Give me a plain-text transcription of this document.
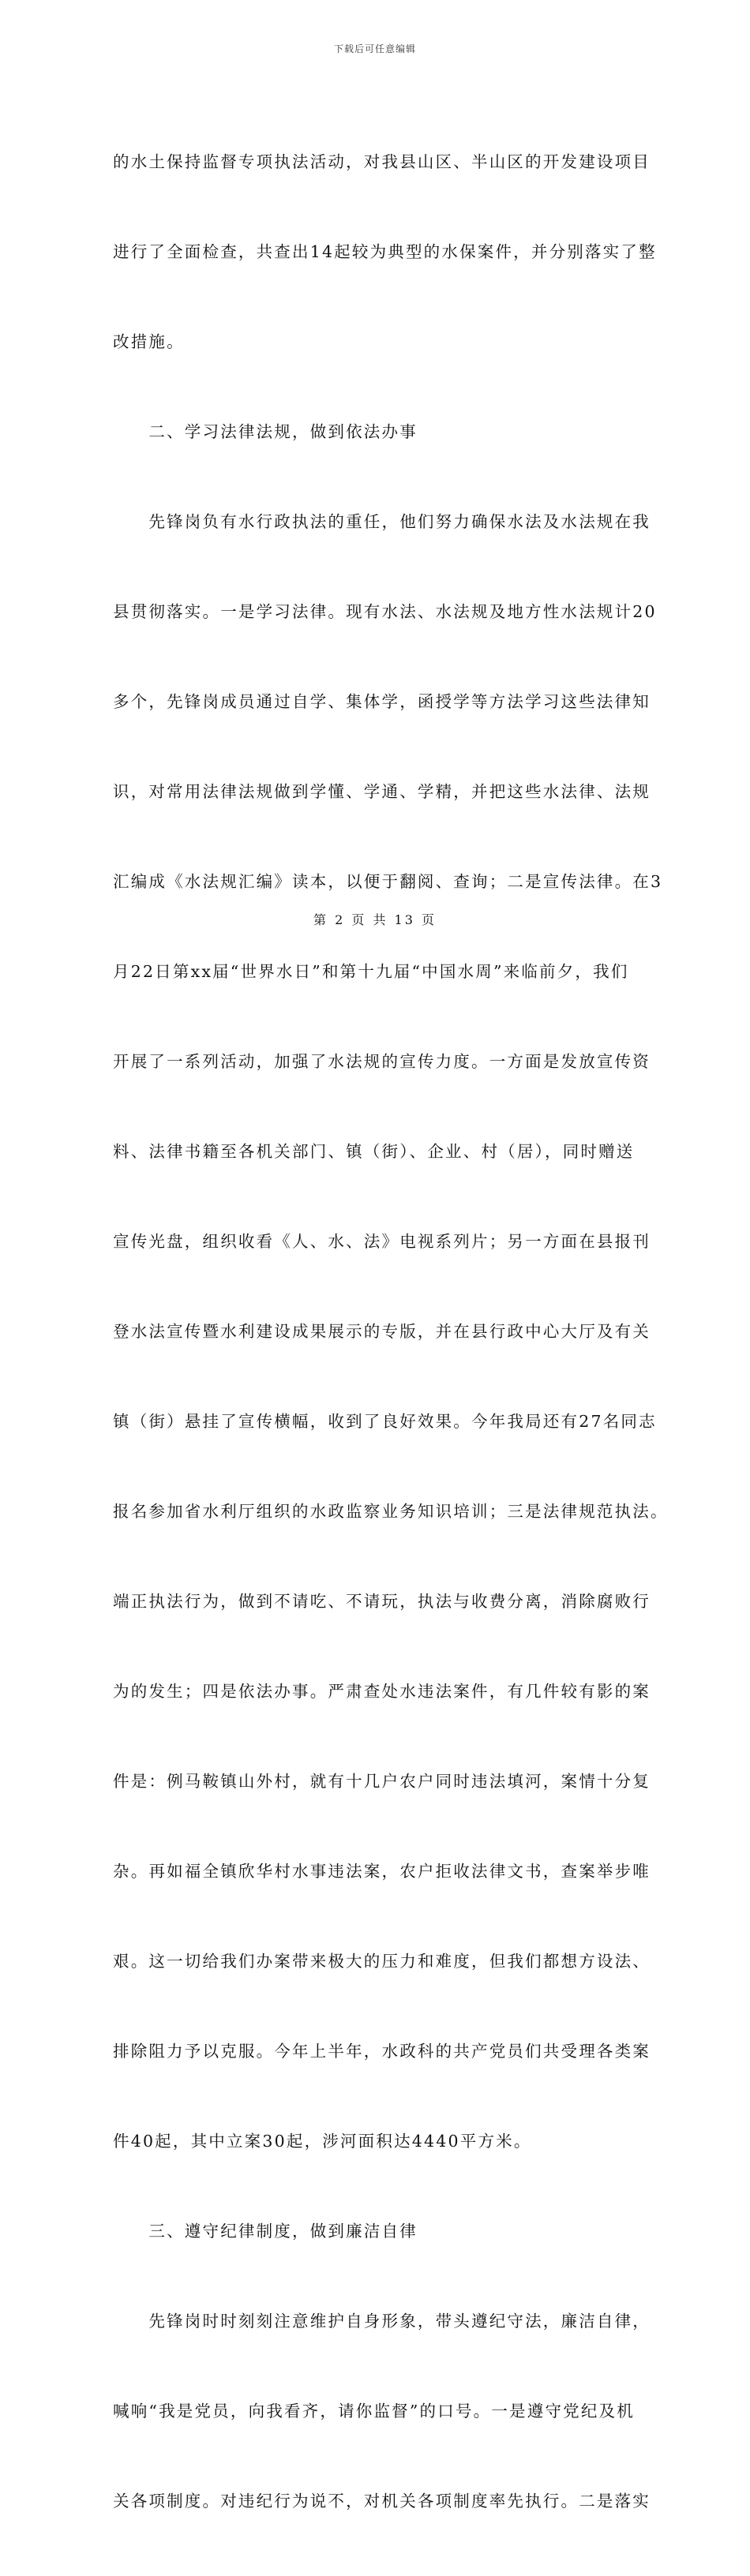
下载后可任意编辑

的水土保持监督专项执法活动，对我县山区、半山区的开发建设项目

进行了全面检查，共查出14起较为典型的水保案件，并分别落实了整

改措施。

　　二、学习法律法规，做到依法办事

　　先锋岗负有水行政执法的重任，他们努力确保水法及水法规在我

县贯彻落实。一是学习法律。现有水法、水法规及地方性水法规计20

多个，先锋岗成员通过自学、集体学，函授学等方法学习这些法律知

识，对常用法律法规做到学懂、学通、学精，并把这些水法律、法规

汇编成《水法规汇编》读本，以便于翻阅、查询；二是宣传法律。在3

月22日第xx届“世界水日”和第十九届“中国水周”来临前夕，我们

开展了一系列活动，加强了水法规的宣传力度。一方面是发放宣传资

料、法律书籍至各机关部门、镇（街）、企业、村（居），同时赠送

宣传光盘，组织收看《人、水、法》电视系列片；另一方面在县报刊

登水法宣传暨水利建设成果展示的专版，并在县行政中心大厅及有关

镇（街）悬挂了宣传横幅，收到了良好效果。今年我局还有27名同志

报名参加省水利厅组织的水政监察业务知识培训；三是法律规范执法。

端正执法行为，做到不请吃、不请玩，执法与收费分离，消除腐败行

为的发生；四是依法办事。严肃查处水违法案件，有几件较有影的案

件是：例马鞍镇山外村，就有十几户农户同时违法填河，案情十分复

杂。再如福全镇欣华村水事违法案，农户拒收法律文书，查案举步唯

艰。这一切给我们办案带来极大的压力和难度，但我们都想方设法、

排除阻力予以克服。今年上半年，水政科的共产党员们共受理各类案

件40起，其中立案30起，涉河面积达4440平方米。

　　三、遵守纪律制度，做到廉洁自律

　　先锋岗时时刻刻注意维护自身形象，带头遵纪守法，廉洁自律，

喊响“我是党员，向我看齐，请你监督”的口号。一是遵守党纪及机

关各项制度。对违纪行为说不，对机关各项制度率先执行。二是落实

第 2 页 共 13 页
